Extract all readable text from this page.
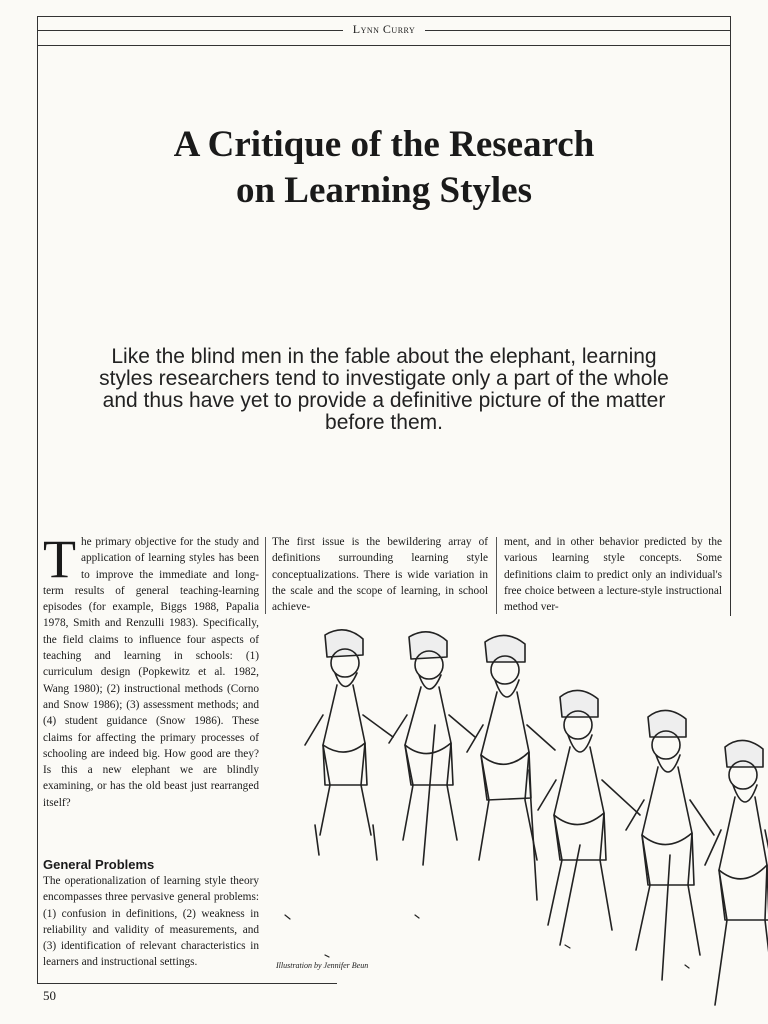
Lynn Curry
A Critique of the Research
on Learning Styles

Like the blind men in the fable about the elephant, learning styles researchers tend to investigate only a part of the whole and thus have yet to provide a definitive picture of the matter before them.

The primary objective for the study and application of learning styles has been to improve the immediate and long-term results of general teaching-learning episodes (for example, Biggs 1988, Papalia 1978, Smith and Renzulli 1983). Specifically, the field claims to influence four aspects of teaching and learning in schools: (1) curriculum design (Popkewitz et al. 1982, Wang 1980); (2) instructional methods (Corno and Snow 1986); (3) assessment methods; and (4) student guidance (Snow 1986). These claims for affecting the primary processes of schooling are indeed big. How good are they? Is this a new elephant we are blindly examining, or has the old beast just rearranged itself?

General Problems

The operationalization of learning style theory encompasses three pervasive general problems: (1) confusion in definitions, (2) weakness in reliability and validity of measurements, and (3) identification of relevant characteristics in learners and instructional settings.

The first issue is the bewildering array of definitions surrounding learning style conceptualizations. There is wide variation in the scale and the scope of learning, in school achieve-

ment, and in other behavior predicted by the various learning style concepts. Some definitions claim to predict only an individual's free choice between a lecture-style instructional method ver-

Illustration by Jennifer Beun
50
